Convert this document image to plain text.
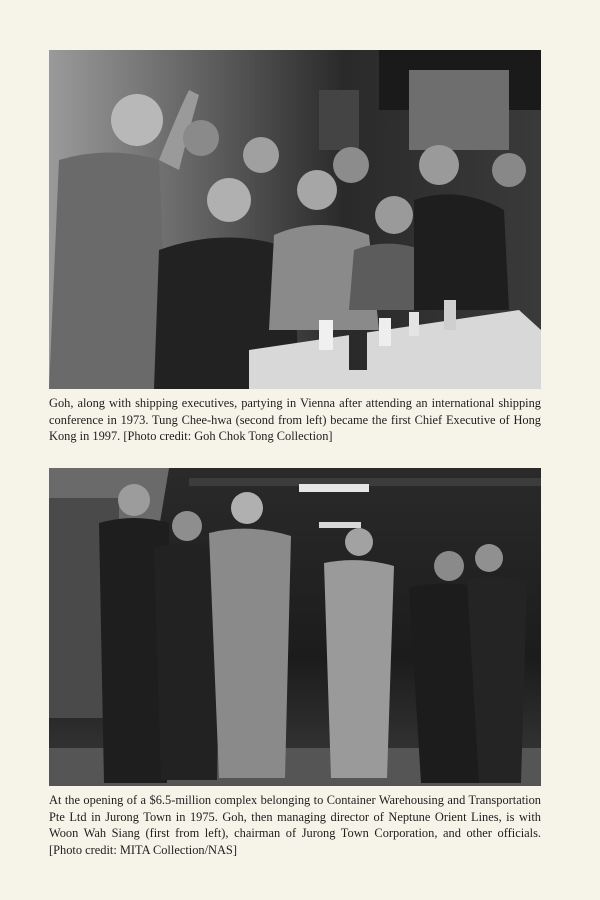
Goh, along with shipping executives, partying in Vienna after attending an international shipping conference in 1973. Tung Chee-hwa (second from left) became the first Chief Executive of Hong Kong in 1997. [Photo credit: Goh Chok Tong Collection]

At the opening of a $6.5-million complex belonging to Container Warehousing and Transportation Pte Ltd in Jurong Town in 1975. Goh, then managing director of Neptune Orient Lines, is with Woon Wah Siang (first from left), chairman of Jurong Town Corporation, and other officials. [Photo credit: MITA Collection/NAS]
